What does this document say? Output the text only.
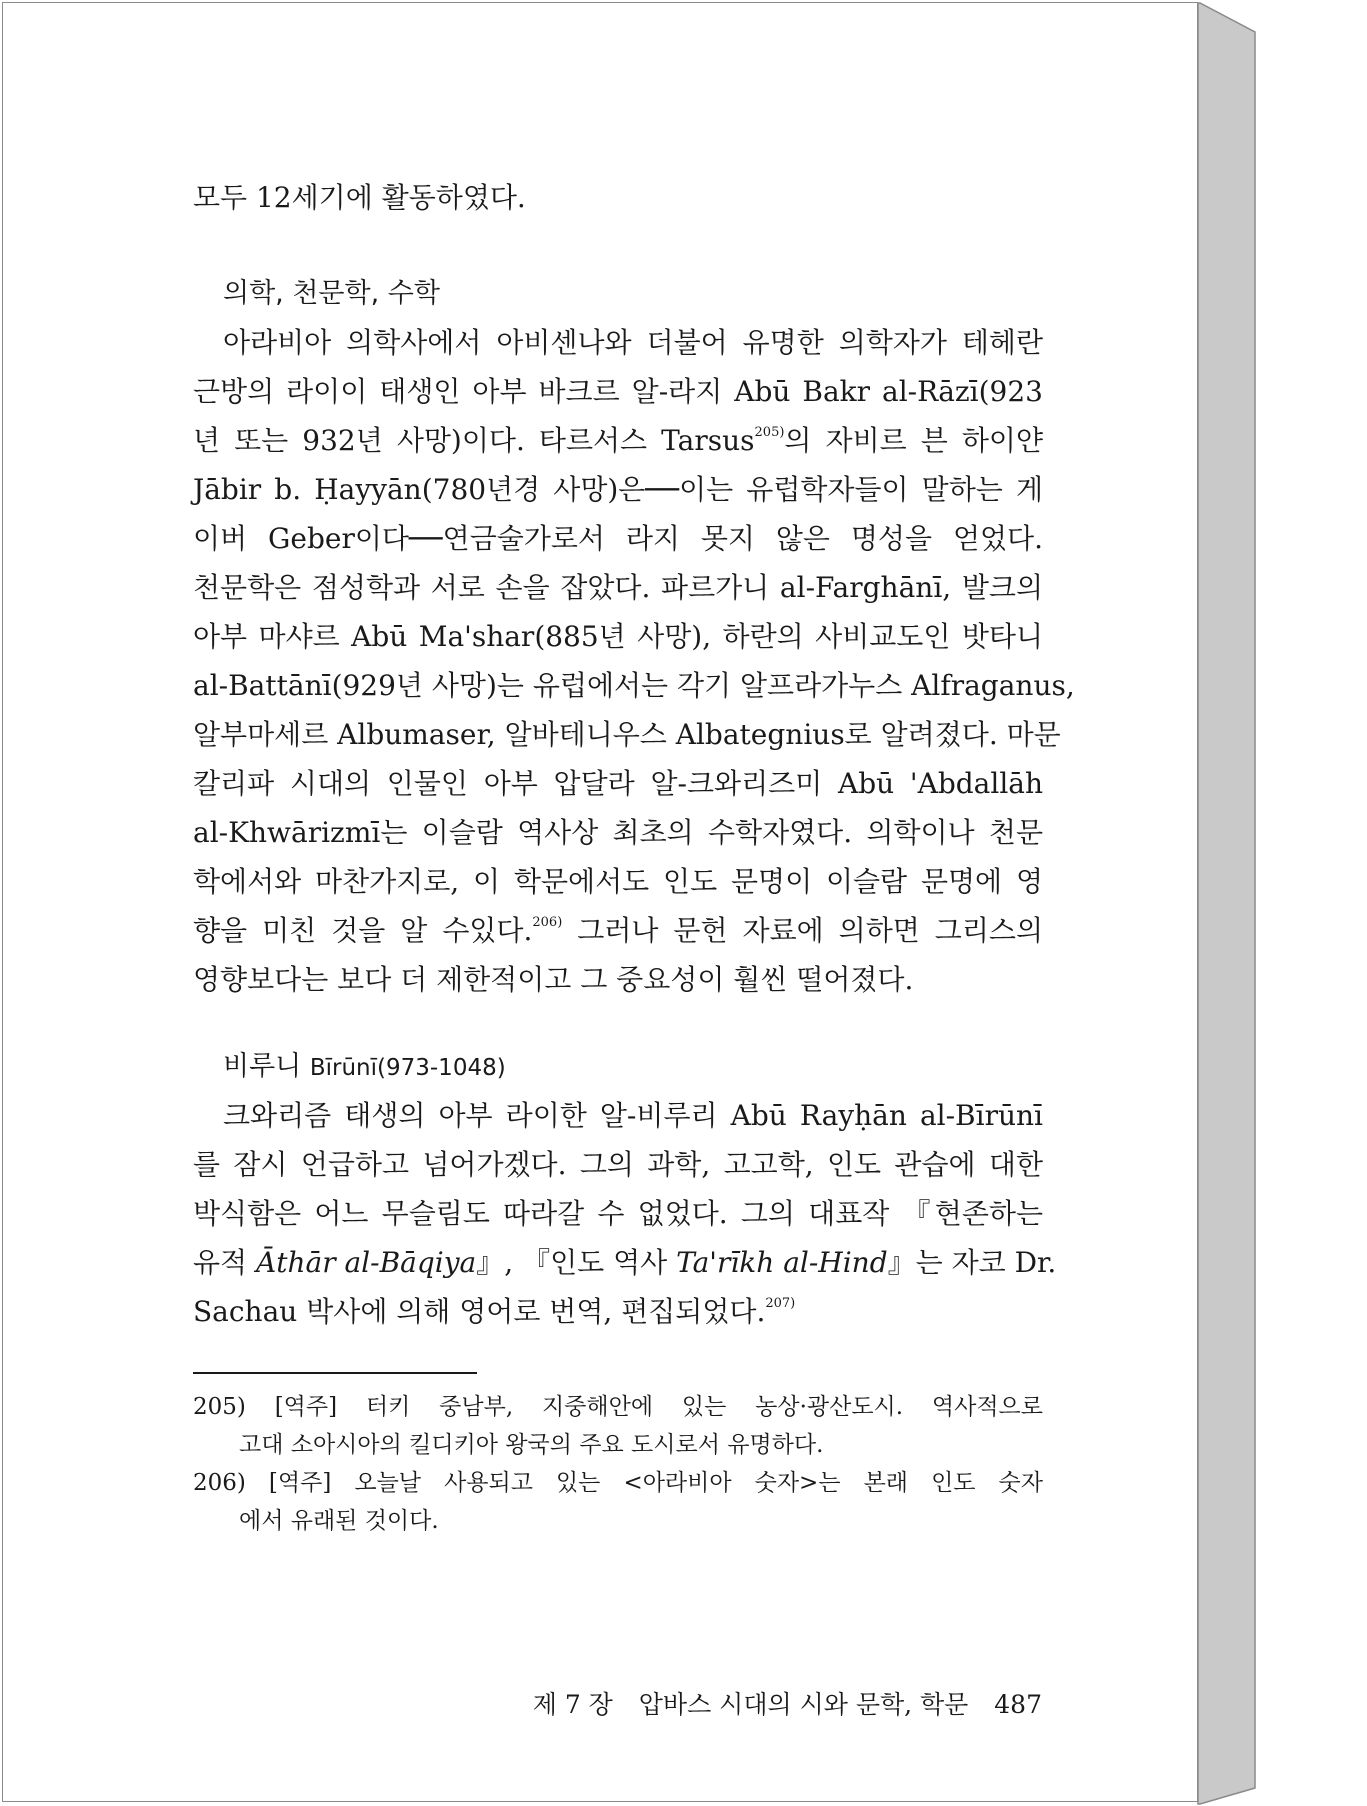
모두 12세기에 활동하였다.
의학, 천문학, 수학
아라비아 의학사에서 아비센나와 더불어 유명한 의학자가 테헤란
근방의 라이이 태생인 아부 바크르 알-라지 Abū Bakr al-Rāzī(923
년 또는 932년 사망)이다. 타르서스 Tarsus$^{205)}$의 자비르 븐 하이얀
Jābir b. Ḥayyān(780년경 사망)은──이는 유럽학자들이 말하는 게
이버 Geber이다──연금술가로서 라지 못지 않은 명성을 얻었다.
천문학은 점성학과 서로 손을 잡았다. 파르가니 al-Farghānī, 발크의
아부 마샤르 Abū Ma'shar(885년 사망), 하란의 사비교도인 밧타니
al-Battānī(929년 사망)는 유럽에서는 각기 알프라가누스 Alfraganus,
알부마세르 Albumaser, 알바테니우스 Albategnius로 알려졌다. 마문
칼리파 시대의 인물인 아부 압달라 알-크와리즈미 Abū 'Abdallāh
al-Khwārizmī는 이슬람 역사상 최초의 수학자였다. 의학이나 천문
학에서와 마찬가지로, 이 학문에서도 인도 문명이 이슬람 문명에 영
향을 미친 것을 알 수있다.$^{206)}$ 그러나 문헌 자료에 의하면 그리스의
영향보다는 보다 더 제한적이고 그 중요성이 훨씬 떨어졌다.
비루니 Bīrūnī(973-1048)
크와리즘 태생의 아부 라이한 알-비루리 Abū Rayḥān al-Bīrūnī
를 잠시 언급하고 넘어가겠다. 그의 과학, 고고학, 인도 관습에 대한
박식함은 어느 무슬림도 따라갈 수 없었다. 그의 대표작 『현존하는
유적 Āthār al-Bāqiya』, 『인도 역사 Ta'rīkh al-Hind』는 자코 Dr.
Sachau 박사에 의해 영어로 번역, 편집되었다.$^{207)}$
205) [역주] 터키 중남부, 지중해안에 있는 농상·광산도시. 역사적으로
고대 소아시아의 킬디키아 왕국의 주요 도시로서 유명하다.
206) [역주] 오늘날 사용되고 있는 <아라비아 숫자>는 본래 인도 숫자
에서 유래된 것이다.
제 7 장 압바스 시대의 시와 문학, 학문 487
